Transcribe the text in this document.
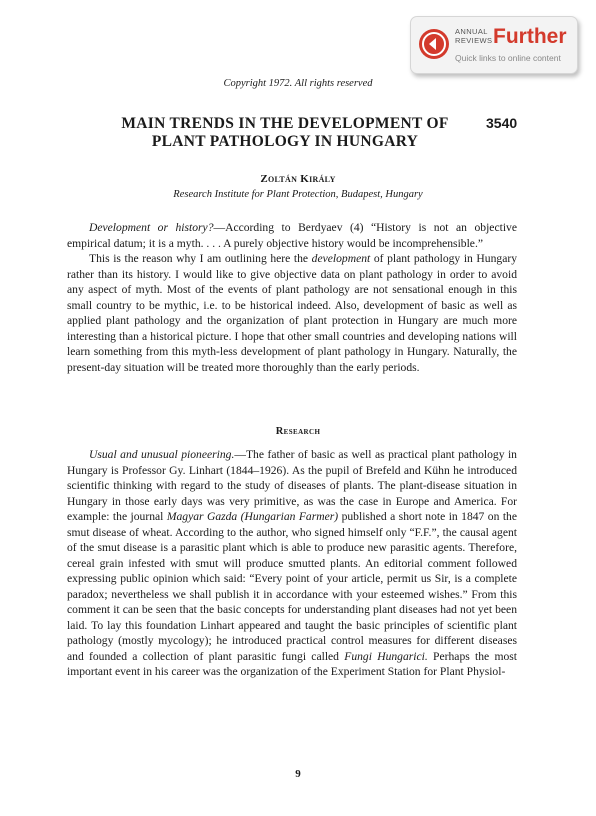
ANNUAL
REVIEWS Further
Quick links to online content
Copyright 1972. All rights reserved
MAIN TRENDS IN THE DEVELOPMENT OF
PLANT PATHOLOGY IN HUNGARY
3540
Zoltán Király
Research Institute for Plant Protection, Budapest, Hungary

Development or history?—According to Berdyaev (4) “History is not an objective empirical datum; it is a myth. . . . A purely objective history would be incomprehensible.”

This is the reason why I am outlining here the development of plant pathology in Hungary rather than its history. I would like to give objective data on plant pathology in order to avoid any aspect of myth. Most of the events of plant pathology are not sensational enough in this small country to be mythic, i.e. to be historical indeed. Also, development of basic as well as applied plant pathology and the organization of plant protection in Hungary are much more interesting than a historical picture. I hope that other small countries and developing nations will learn something from this myth-less development of plant pathology in Hungary. Naturally, the present-day situation will be treated more thoroughly than the early periods.

Research

Usual and unusual pioneering.—The father of basic as well as practical plant pathology in Hungary is Professor Gy. Linhart (1844–1926). As the pupil of Brefeld and Kühn he introduced scientific thinking with regard to the study of diseases of plants. The plant-disease situation in Hungary in those early days was very primitive, as was the case in Europe and America. For example: the journal Magyar Gazda (Hungarian Farmer) published a short note in 1847 on the smut disease of wheat. According to the author, who signed himself only “F.F.”, the causal agent of the smut disease is a parasitic plant which is able to produce new parasitic agents. Therefore, cereal grain infested with smut will produce smutted plants. An editorial comment followed expressing public opinion which said: “Every point of your article, permit us Sir, is a complete paradox; nevertheless we shall publish it in accordance with your esteemed wishes.” From this comment it can be seen that the basic concepts for understanding plant diseases had not yet been laid. To lay this foundation Linhart appeared and taught the basic principles of scientific plant pathology (mostly mycology); he introduced practical control measures for different diseases and founded a collection of plant parasitic fungi called Fungi Hungarici. Perhaps the most important event in his career was the organization of the Experiment Station for Plant Physiol-

9
